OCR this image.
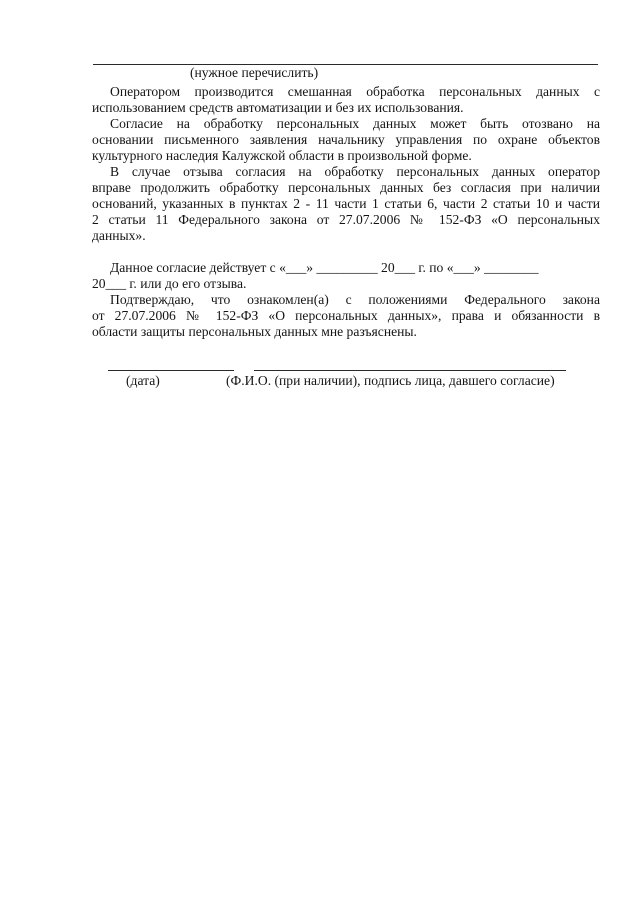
(нужное перечислить)
Оператором производится смешанная обработка персональных данных с
использованием средств автоматизации и без их использования.
Согласие на обработку персональных данных может быть отозвано на
основании письменного заявления начальнику управления по охране объектов
культурного наследия Калужской области в произвольной форме.
В случае отзыва согласия на обработку персональных данных оператор
вправе продолжить обработку персональных данных без согласия при наличии
оснований, указанных в пунктах 2 - 11 части 1 статьи 6, части 2 статьи 10 и части
2 статьи 11 Федерального закона от 27.07.2006 № 152-ФЗ «О персональных
данных».
Данное согласие действует с «___» _________ 20___ г. по «___» ________
20___ г. или до его отзыва.
Подтверждаю, что ознакомлен(а) с положениями Федерального закона
от 27.07.2006 № 152-ФЗ «О персональных данных», права и обязанности в
области защиты персональных данных мне разъяснены.
(дата)	(Ф.И.О. (при наличии), подпись лица, давшего согласие)
